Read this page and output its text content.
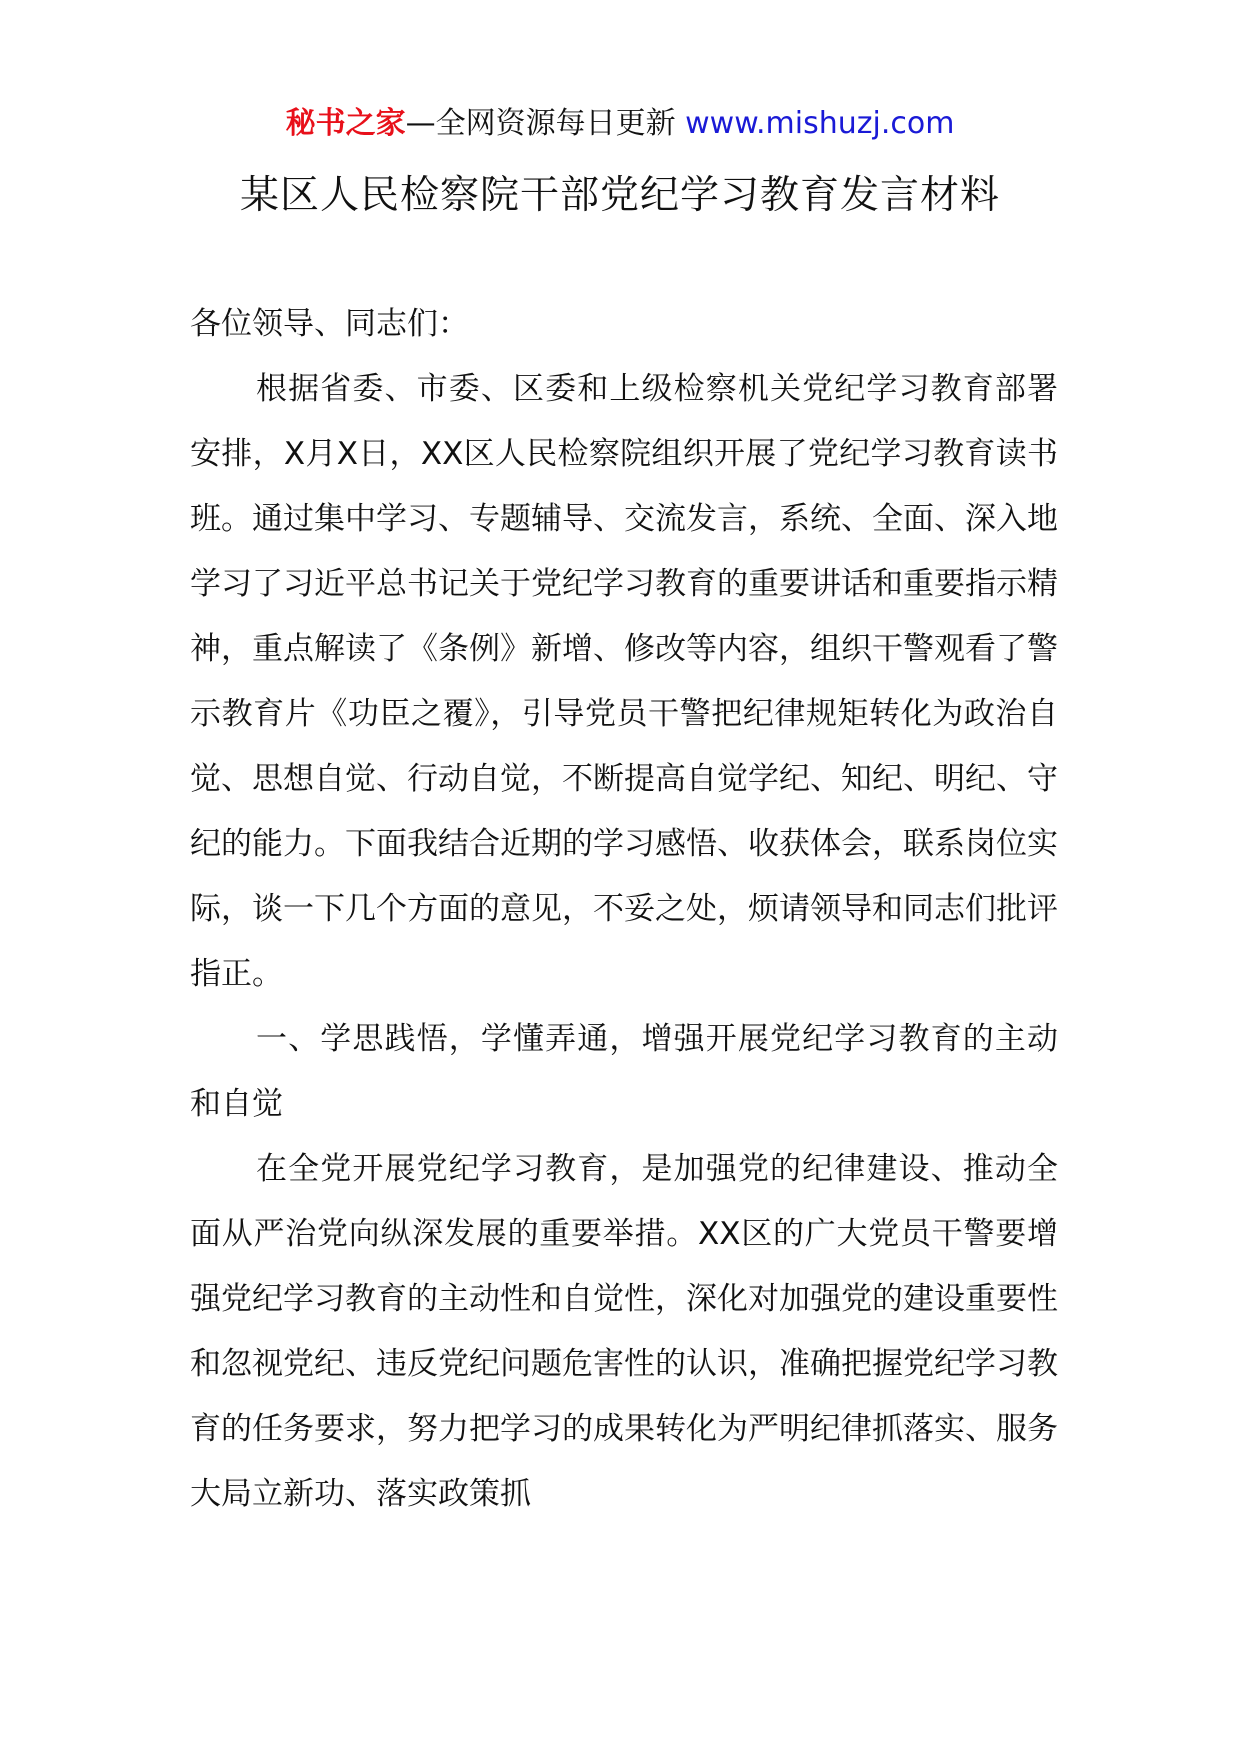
秘书之家—全网资源每日更新 www.mishuzj.com
某区人民检察院干部党纪学习教育发言材料

各位领导、同志们：

根据省委、市委、区委和上级检察机关党纪学习教育部署安排，X月X日，XX区人民检察院组织开展了党纪学习教育读书班。通过集中学习、专题辅导、交流发言，系统、全面、深入地学习了习近平总书记关于党纪学习教育的重要讲话和重要指示精神，重点解读了《条例》新增、修改等内容，组织干警观看了警示教育片《功臣之覆》，引导党员干警把纪律规矩转化为政治自觉、思想自觉、行动自觉，不断提高自觉学纪、知纪、明纪、守纪的能力。下面我结合近期的学习感悟、收获体会，联系岗位实际，谈一下几个方面的意见，不妥之处，烦请领导和同志们批评指正。

一、学思践悟，学懂弄通，增强开展党纪学习教育的主动和自觉

在全党开展党纪学习教育，是加强党的纪律建设、推动全面从严治党向纵深发展的重要举措。XX区的广大党员干警要增强党纪学习教育的主动性和自觉性，深化对加强党的建设重要性和忽视党纪、违反党纪问题危害性的认识，准确把握党纪学习教育的任务要求，努力把学习的成果转化为严明纪律抓落实、服务大局立新功、落实政策抓
